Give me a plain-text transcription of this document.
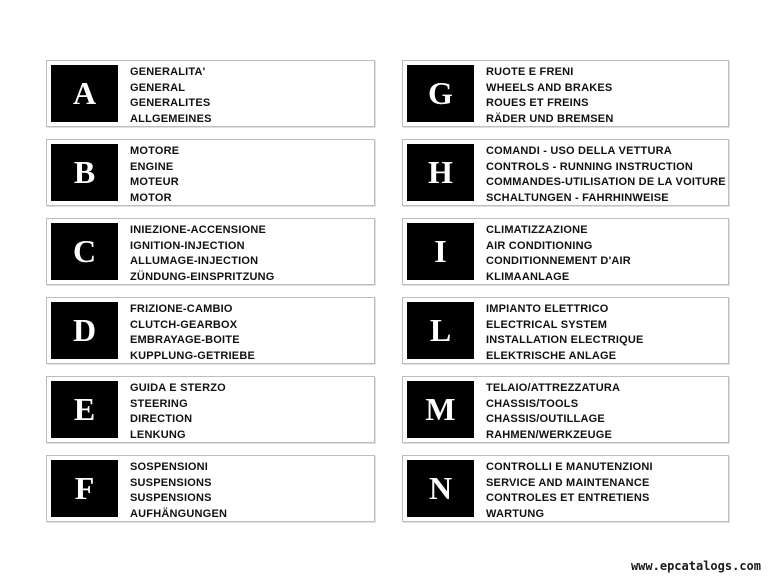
A
GENERALITA'
GENERAL
GENERALITES
ALLGEMEINES
B
MOTORE
ENGINE
MOTEUR
MOTOR
C
INIEZIONE-ACCENSIONE
IGNITION-INJECTION
ALLUMAGE-INJECTION
ZÜNDUNG-EINSPRITZUNG
D
FRIZIONE-CAMBIO
CLUTCH-GEARBOX
EMBRAYAGE-BOITE
KUPPLUNG-GETRIEBE
E
GUIDA E STERZO
STEERING
DIRECTION
LENKUNG
F
SOSPENSIONI
SUSPENSIONS
SUSPENSIONS
AUFHÄNGUNGEN
G
RUOTE E FRENI
WHEELS AND BRAKES
ROUES ET FREINS
RÄDER UND BREMSEN
H
COMANDI - USO DELLA VETTURA
CONTROLS - RUNNING INSTRUCTION
COMMANDES-UTILISATION DE LA VOITURE
SCHALTUNGEN - FAHRHINWEISE
I
CLIMATIZZAZIONE
AIR CONDITIONING
CONDITIONNEMENT D'AIR
KLIMAANLAGE
L
IMPIANTO ELETTRICO
ELECTRICAL SYSTEM
INSTALLATION ELECTRIQUE
ELEKTRISCHE ANLAGE
M
TELAIO/ATTREZZATURA
CHASSIS/TOOLS
CHASSIS/OUTILLAGE
RAHMEN/WERKZEUGE
N
CONTROLLI E MANUTENZIONI
SERVICE AND MAINTENANCE
CONTROLES ET ENTRETIENS
WARTUNG
www.epcatalogs.com
